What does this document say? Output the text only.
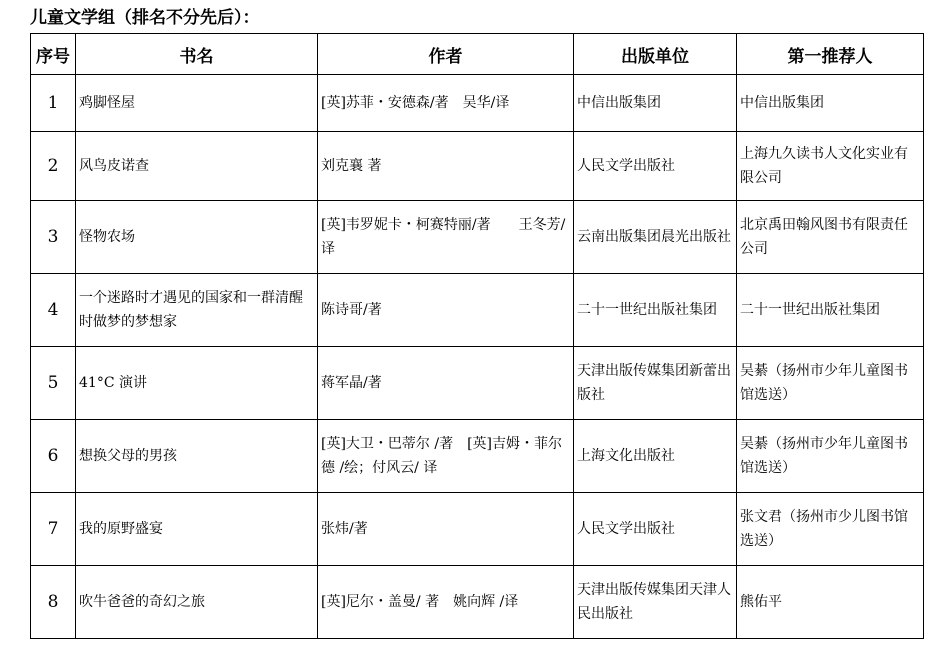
儿童文学组（排名不分先后）：
序号	书名	作者	出版单位	第一推荐人
1	鸡脚怪屋	[英]苏菲・安德森/著　吴华/译	中信出版集团	中信出版集团
2	风鸟皮诺查	刘克襄 著	人民文学出版社	上海九久读书人文化实业有限公司
3	怪物农场	[英]韦罗妮卡・柯赛特丽/著　　王冬芳/译	云南出版集团晨光出版社	北京禹田翰风图书有限责任公司
4	一个迷路时才遇见的国家和一群清醒时做梦的梦想家	陈诗哥/著	二十一世纪出版社集团	二十一世纪出版社集团
5	41°C 演讲	蒋军晶/著	天津出版传媒集团新蕾出版社	吴綦（扬州市少年儿童图书馆选送）
6	想换父母的男孩	[英]大卫・巴蒂尔 /著　[英]吉姆・菲尔德 /绘；付风云/ 译	上海文化出版社	吴綦（扬州市少年儿童图书馆选送）
7	我的原野盛宴	张炜/著	人民文学出版社	张文君（扬州市少儿图书馆选送）
8	吹牛爸爸的奇幻之旅	[英]尼尔・盖曼/ 著　姚向辉 /译	天津出版传媒集团天津人民出版社	熊佑平
